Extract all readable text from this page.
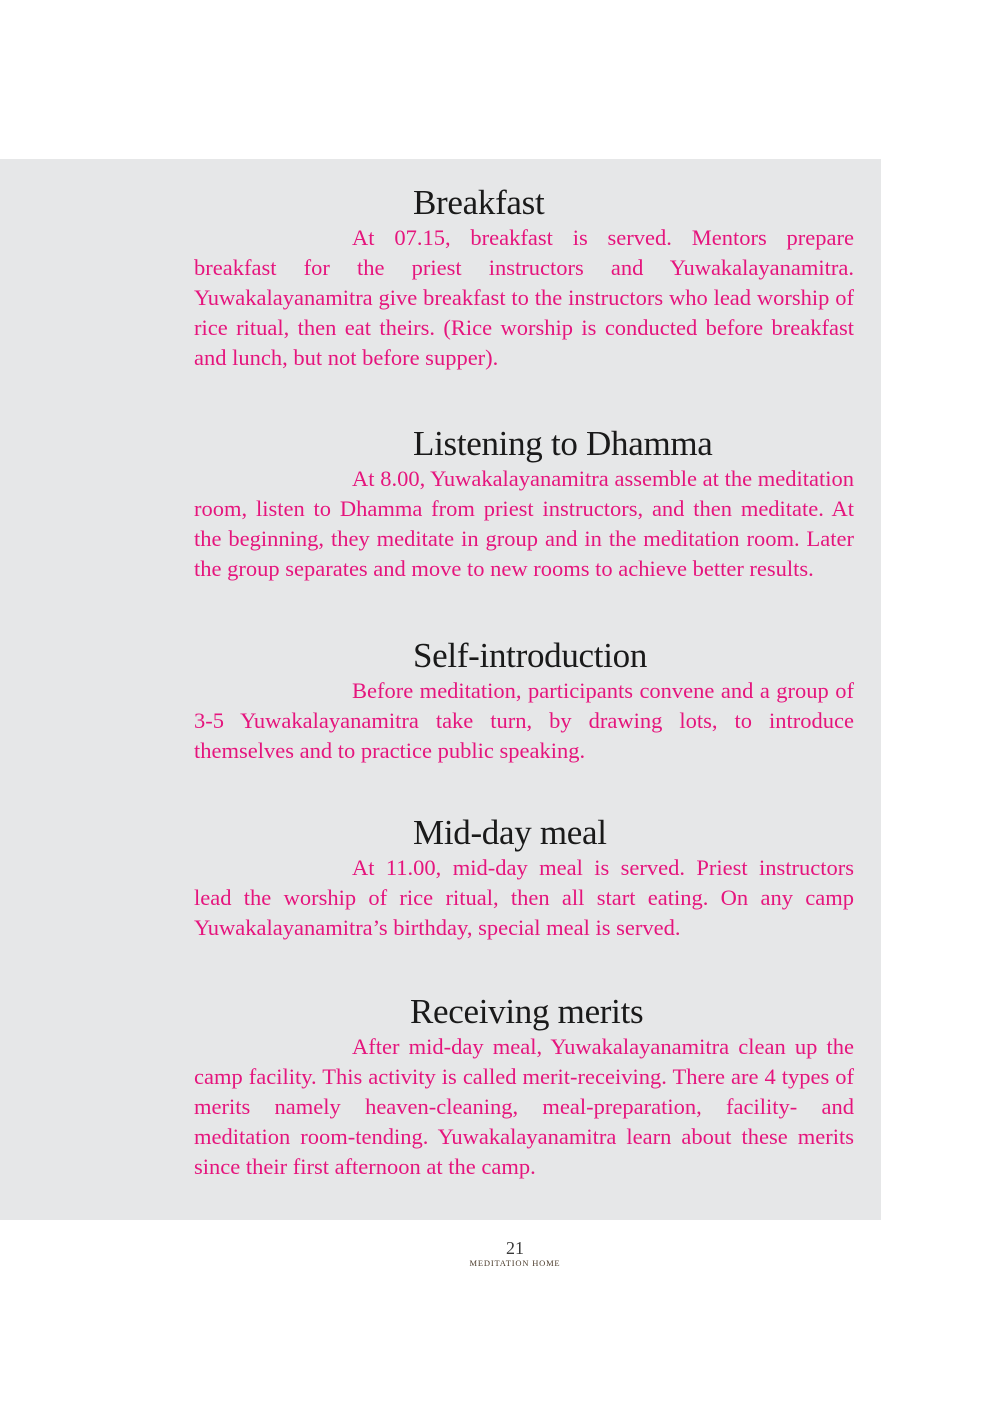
Breakfast

At 07.15, breakfast is served. Mentors prepare breakfast for the priest instructors and Yuwakalayanamitra. Yuwakalayanamitra give breakfast to the instructors who lead worship of rice ritual, then eat theirs. (Rice worship is conducted before breakfast and lunch, but not before supper).

Listening to Dhamma

At 8.00, Yuwakalayanamitra assemble at the meditation room, listen to Dhamma from priest instructors, and then meditate. At the beginning, they meditate in group and in the meditation room. Later the group separates and move to new rooms to achieve better results.

Self-introduction

Before meditation, participants convene and a group of 3-5 Yuwakalayanamitra take turn, by drawing lots, to introduce themselves and to practice public speaking.

Mid-day meal

At 11.00, mid-day meal is served. Priest instructors lead the worship of rice ritual, then all start eating. On any camp Yuwakalayanamitra’s birthday, special meal is served.

Receiving merits

After mid-day meal, Yuwakalayanamitra clean up the camp facility. This activity is called merit-receiving. There are 4 types of merits namely heaven-cleaning, meal-preparation, facility- and meditation room-tending. Yuwakalayanamitra learn about these merits since their first afternoon at the camp.

21
MEDITATION HOME
